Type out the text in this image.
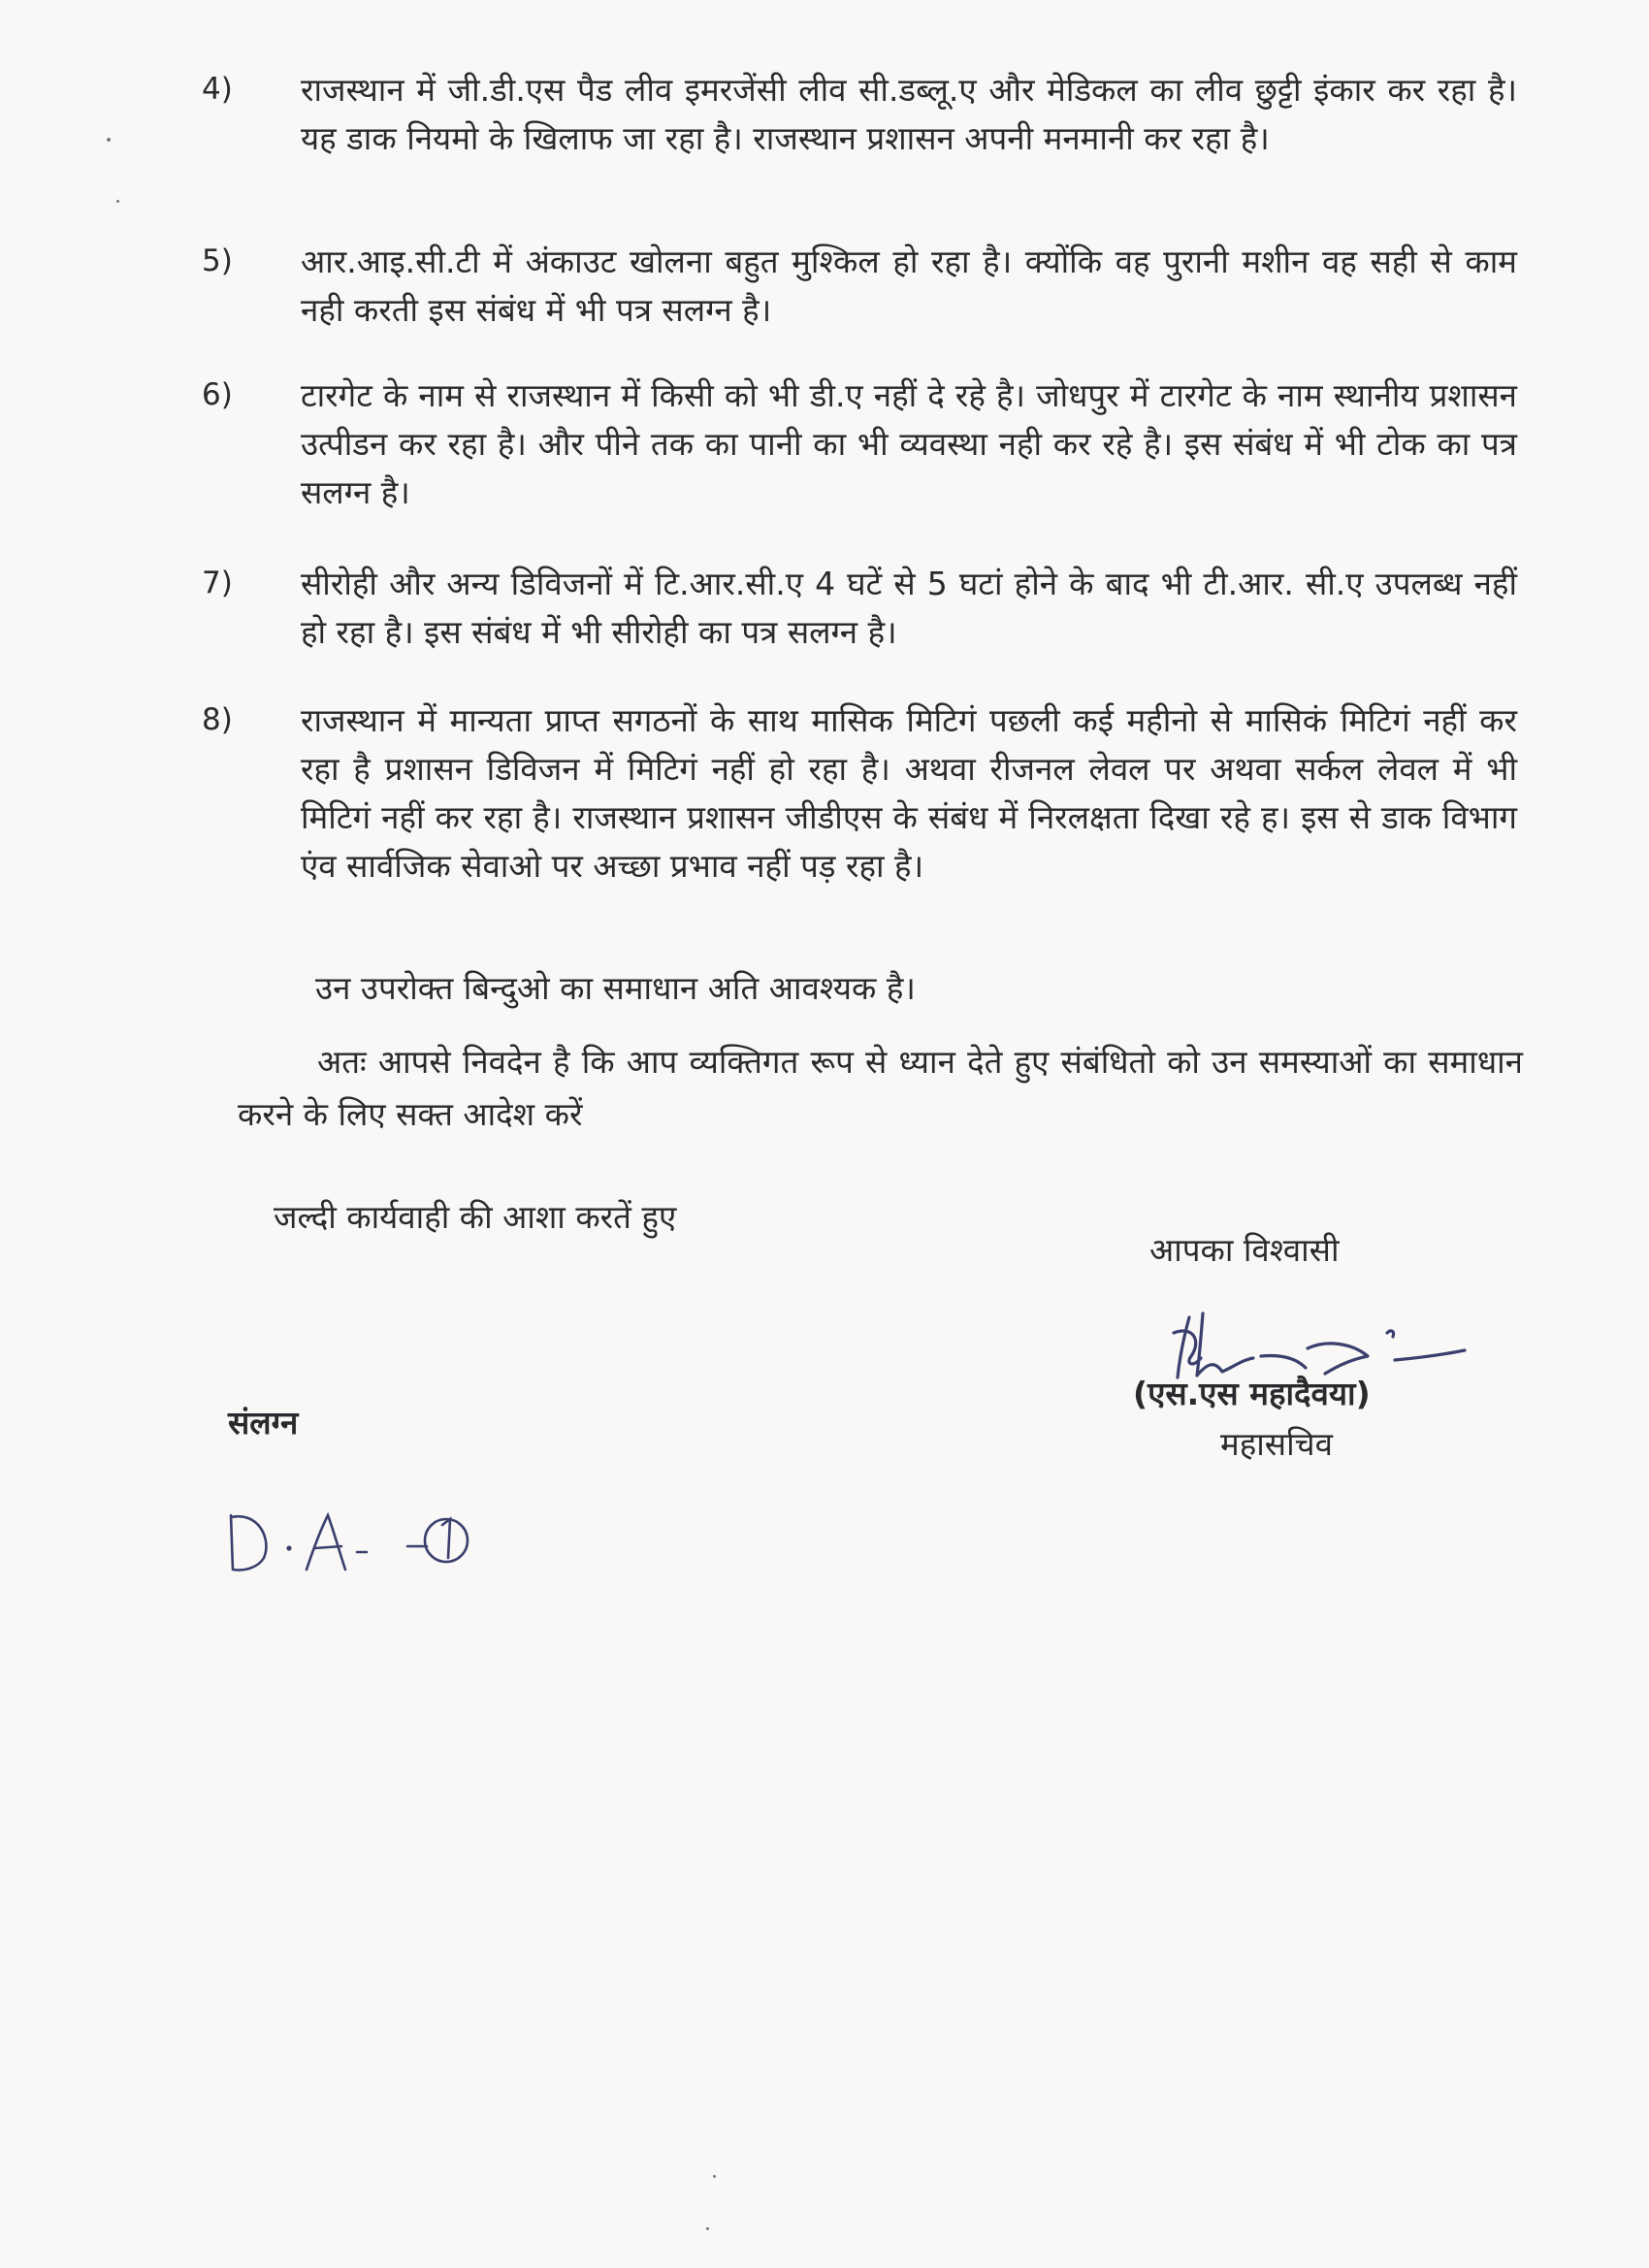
4) राजस्थान में जी.डी.एस पैड लीव इमरजेंसी लीव सी.डब्लू.ए और मेडिकल का लीव छुट्टी इंकार कर रहा है। यह डाक नियमो के खिलाफ जा रहा है। राजस्थान प्रशासन अपनी मनमानी कर रहा है।
5) आर.आइ.सी.टी में अंकाउट खोलना बहुत मुश्किल हो रहा है। क्योंकि वह पुरानी मशीन वह सही से काम नही करती इस संबंध में भी पत्र सलग्न है।
6) टारगेट के नाम से राजस्थान में किसी को भी डी.ए नहीं दे रहे है। जोधपुर में टारगेट के नाम स्थानीय प्रशासन उत्पीडन कर रहा है। और पीने तक का पानी का भी व्यवस्था नही कर रहे है। इस संबंध में भी टोक का पत्र सलग्न है।
7) सीरोही और अन्य डिविजनों में टि.आर.सी.ए 4 घटें से 5 घटां होने के बाद भी टी.आर. सी.ए उपलब्ध नहीं हो रहा है। इस संबंध में भी सीरोही का पत्र सलग्न है।
8) राजस्थान में मान्यता प्राप्त सगठनों के साथ मासिक मिटिगं पछली कई महीनो से मासिकं मिटिगं नहीं कर रहा है प्रशासन डिविजन में मिटिगं नहीं हो रहा है। अथवा रीजनल लेवल पर अथवा सर्कल लेवल में भी मिटिगं नहीं कर रहा है। राजस्थान प्रशासन जीडीएस के संबंध में निरलक्षता दिखा रहे ह। इस से डाक विभाग एंव सार्वजिक सेवाओ पर अच्छा प्रभाव नहीं पड़ रहा है।
उन उपरोक्त बिन्दुओ का समाधान अति आवश्यक है।
अतः आपसे निवदेन है कि आप व्यक्तिगत रूप से ध्यान देते हुए संबंधितो को उन समस्याओं का समाधान करने के लिए सक्त आदेश करें
जल्दी कार्यवाही की आशा करतें हुए
आपका विश्वासी
(एस.एस महादैवया)
महासचिव
संलग्न
